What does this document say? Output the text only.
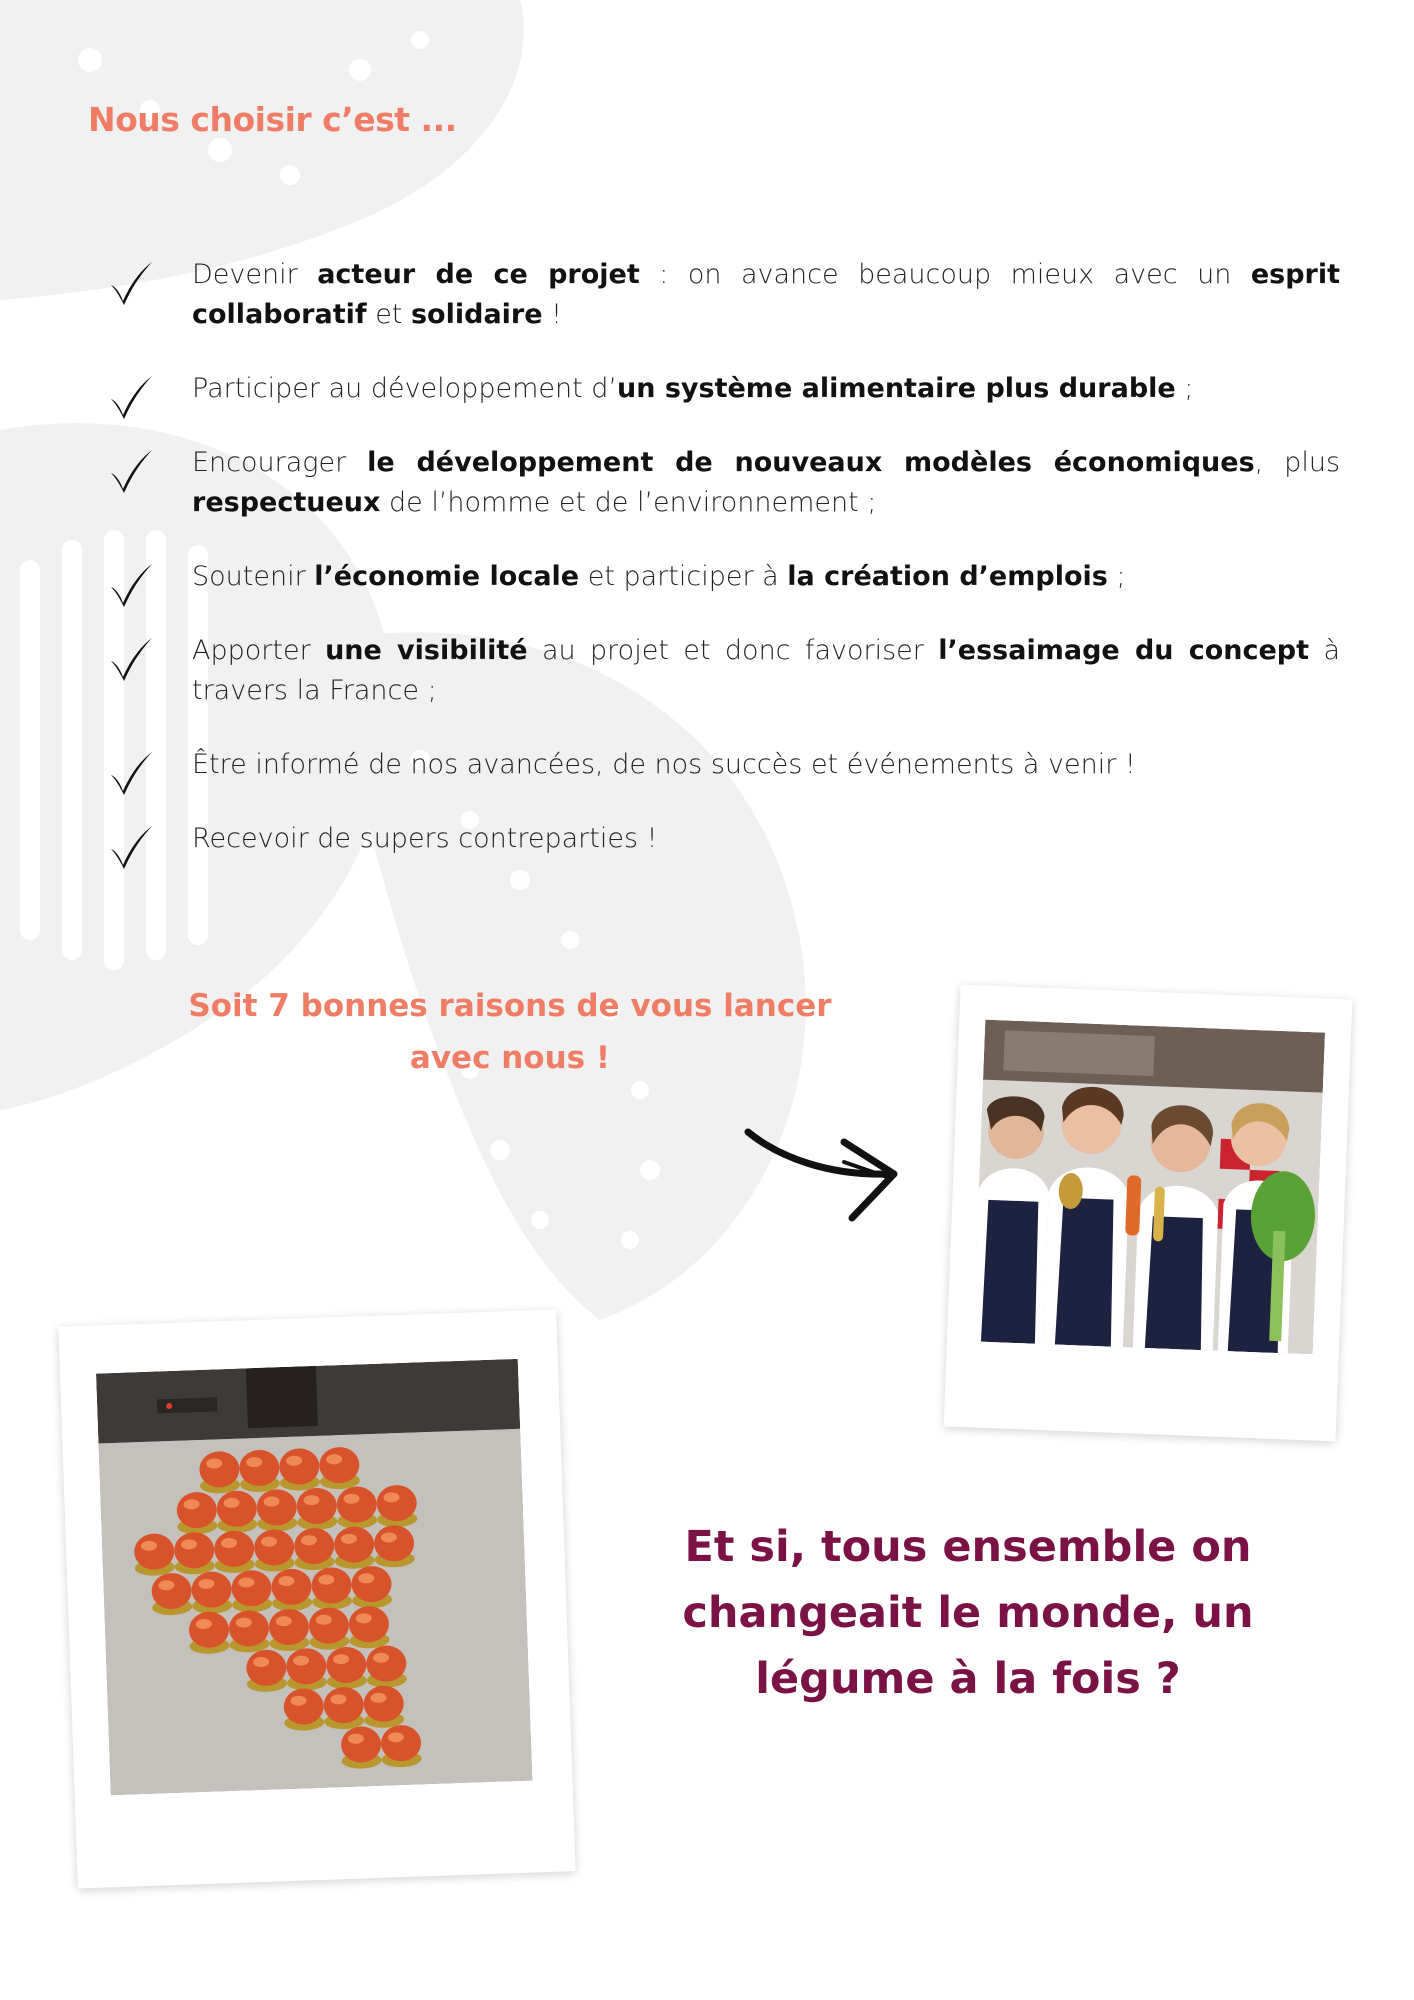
Nous choisir c’est ...
Devenir acteur de ce projet : on avance beaucoup mieux avec un esprit collaboratif et solidaire !
Participer au développement d’un système alimentaire plus durable ;
Encourager le développement de nouveaux modèles économiques, plus respectueux de l’homme et de l’environnement ;
Soutenir l’économie locale et participer à la création d’emplois ;
Apporter une visibilité au projet et donc favoriser l’essaimage du concept à travers la France ;
Être informé de nos avancées, de nos succès et événements à venir !
Recevoir de supers contreparties !

Soit 7 bonnes raisons de vous lancer avec nous !

Et si, tous ensemble on changeait le monde, un légume à la fois ?
